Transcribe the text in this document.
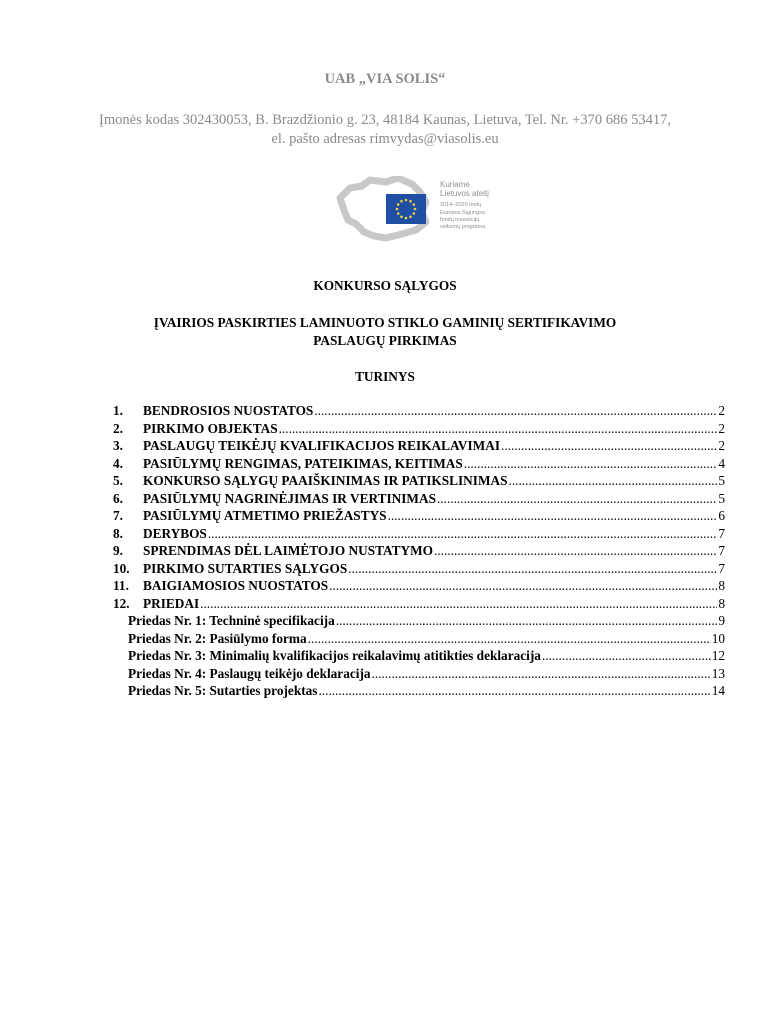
UAB „VIA SOLIS“
Įmonės kodas 302430053, B. Brazdžionio g. 23, 48184 Kaunas, Lietuva, Tel. Nr. +370 686 53417,
el. pašto adresas rimvydas@viasolis.eu
Kuriame
Lietuvos ateitį
2014–2020 metų
Europos Sąjungos
fondų investicijų
veiksmų programa
KONKURSO SĄLYGOS
ĮVAIRIOS PASKIRTIES LAMINUOTO STIKLO GAMINIŲ SERTIFIKAVIMO
PASLAUGŲ PIRKIMAS
TURINYS
1.	BENDROSIOS NUOSTATOS .....	2
2.	PIRKIMO OBJEKTAS .....	2
3.	PASLAUGŲ TEIKĖJŲ KVALIFIKACIJOS REIKALAVIMAI .....	2
4.	PASIŪLYMŲ RENGIMAS, PATEIKIMAS, KEITIMAS .....	4
5.	KONKURSO SĄLYGŲ PAAIŠKINIMAS IR PATIKSLINIMAS .....	5
6.	PASIŪLYMŲ NAGRINĖJIMAS IR VERTINIMAS .....	5
7.	PASIŪLYMŲ ATMETIMO PRIEŽASTYS .....	6
8.	DERYBOS .....	7
9.	SPRENDIMAS DĖL LAIMĖTOJO NUSTATYMO .....	7
10.	PIRKIMO SUTARTIES SĄLYGOS .....	7
11.	BAIGIAMOSIOS NUOSTATOS .....	8
12.	PRIEDAI .....	8
Priedas Nr. 1: Techninė specifikacija .....	9
Priedas Nr. 2: Pasiūlymo forma .....	10
Priedas Nr. 3: Minimalių kvalifikacijos reikalavimų atitikties deklaracija .....	12
Priedas Nr. 4: Paslaugų teikėjo deklaracija .....	13
Priedas Nr. 5: Sutarties projektas .....	14
